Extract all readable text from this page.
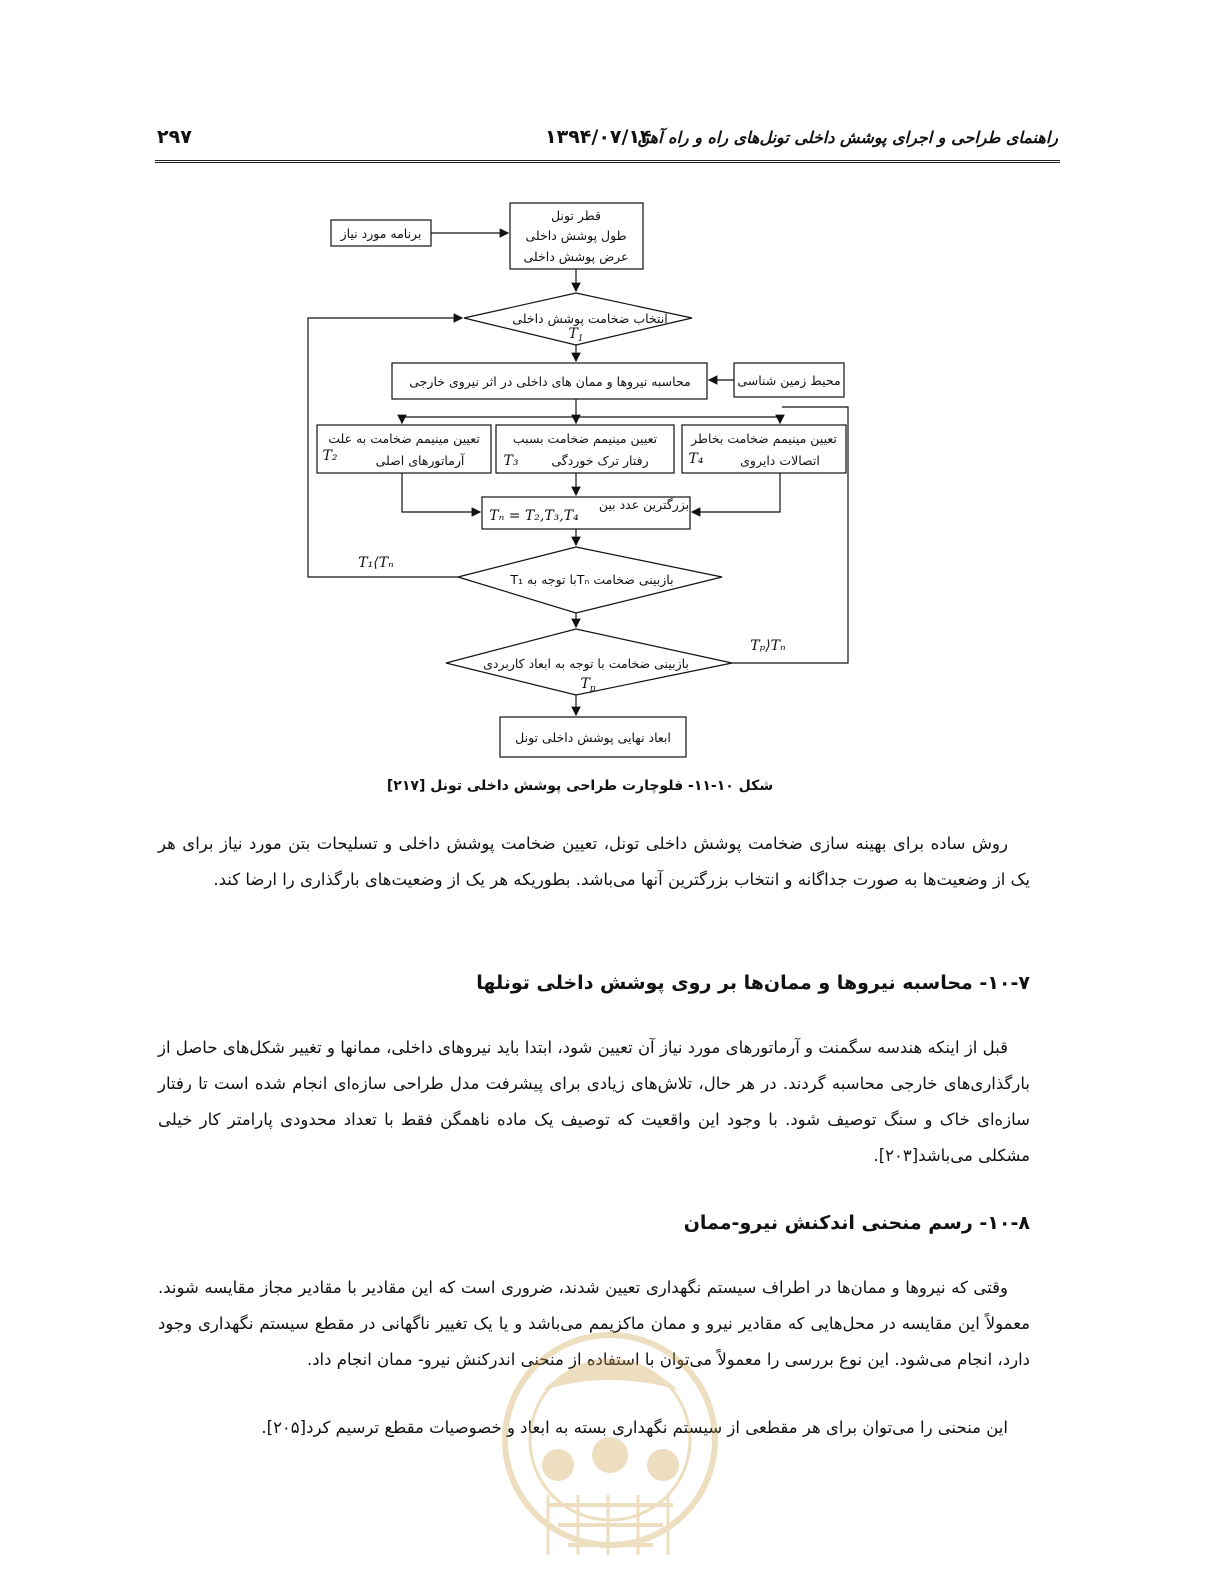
۲۹۷	۱۳۹۴/۰۷/۱۴
راهنمای طراحی و اجرای پوشش داخلی تونل‌های راه و راه آهن
قطر تونل
طول پوشش داخلی
عرض پوشش داخلی
برنامه مورد نیاز
انتخاب ضخامت پوشش داخلی
محاسبه نیروها و ممان های داخلی در اثر نیروی خارجی	محیط زمین شناسی
تعیین مینیمم ضخامت به علت
آرماتورهای اصلی
تعیین مینیمم ضخامت بسبب
رفتار ترک خوردگی
تعیین مینیمم ضخامت بخاطر
اتصالات دایروی
بزرگترین عدد بین
بازبینی ضخامت Tₙبا توجه به T₁
بازبینی ضخامت با توجه به ابعاد کاربردی
ابعاد نهایی پوشش داخلی تونل
$T_1$
T₂	T₃	T₄
Tₙ = T₂,T₃,T₄
T₁⟨Tₙ
$T_p$
Tₚ⟩Tₙ
شکل ۱۰-۱۱- فلوچارت طراحی پوشش داخلی تونل [۲۱۷]
روش ساده برای بهینه سازی ضخامت پوشش داخلی تونل، تعیین ضخامت پوشش داخلی و تسلیحات بتن مورد نیاز برای هر یک از وضعیت‌ها به صورت جداگانه و انتخاب بزرگترین آنها می‌باشد. بطوریکه هر یک از وضعیت‌های بارگذاری را ارضا کند.
۱۰-۷- محاسبه نیروها و ممان‌ها بر روی پوشش داخلی تونلها
قبل از اینکه هندسه سگمنت و آرماتورهای مورد نیاز آن تعیین شود، ابتدا باید نیروهای داخلی، ممانها و تغییر شکل‌های حاصل از بارگذاری‌های خارجی محاسبه گردند. در هر حال، تلاش‌های زیادی برای پیشرفت مدل طراحی سازه‌ای انجام شده است تا رفتار سازه‌ای خاک و سنگ توصیف شود. با وجود این واقعیت که توصیف یک ماده ناهمگن فقط با تعداد محدودی پارامتر کار خیلی مشکلی می‌باشد[۲۰۳].
۱۰-۸- رسم منحنی اندکنش نیرو-ممان
وقتی که نیروها و ممان‌ها در اطراف سیستم نگهداری تعیین شدند، ضروری است که این مقادیر با مقادیر مجاز مقایسه شوند. معمولاً این مقایسه در محل‌هایی که مقادیر نیرو و ممان ماکزیمم می‌باشد و یا یک تغییر ناگهانی در مقطع سیستم نگهداری وجود دارد، انجام می‌شود. این نوع بررسی را معمولاً می‌توان با استفاده از منحنی اندرکنش نیرو- ممان انجام داد.
این منحنی را می‌توان برای هر مقطعی از سیستم نگهداری بسته به ابعاد و خصوصیات مقطع ترسیم کرد[۲۰۵].
